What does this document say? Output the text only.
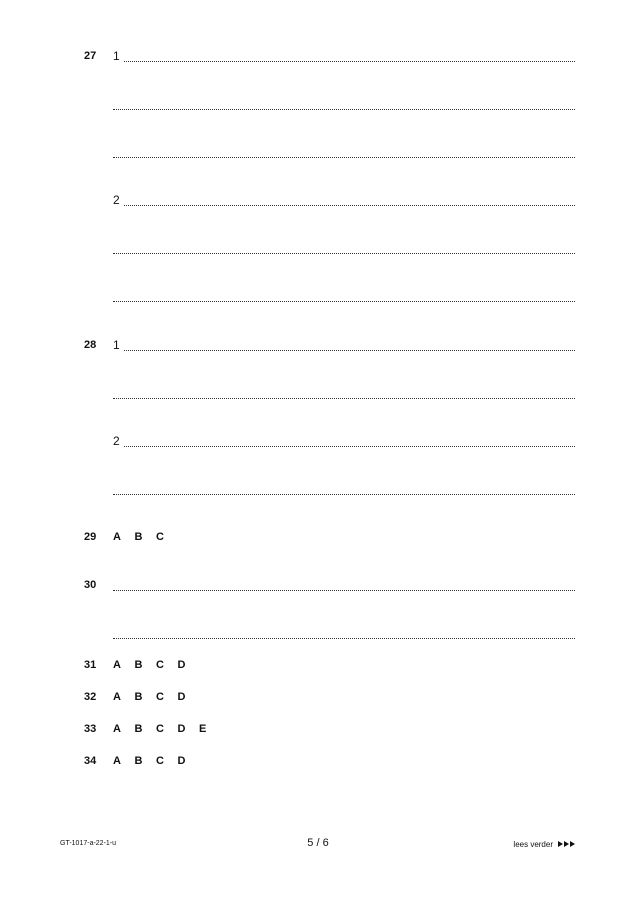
27 1
2
28 1
2
29 A	B	C
30
31 A	B	C	D
32 A	B	C	D
33 A	B	C	D	E
34 A	B	C	D
GT-1017-a-22-1-u	5 / 6	lees verder
